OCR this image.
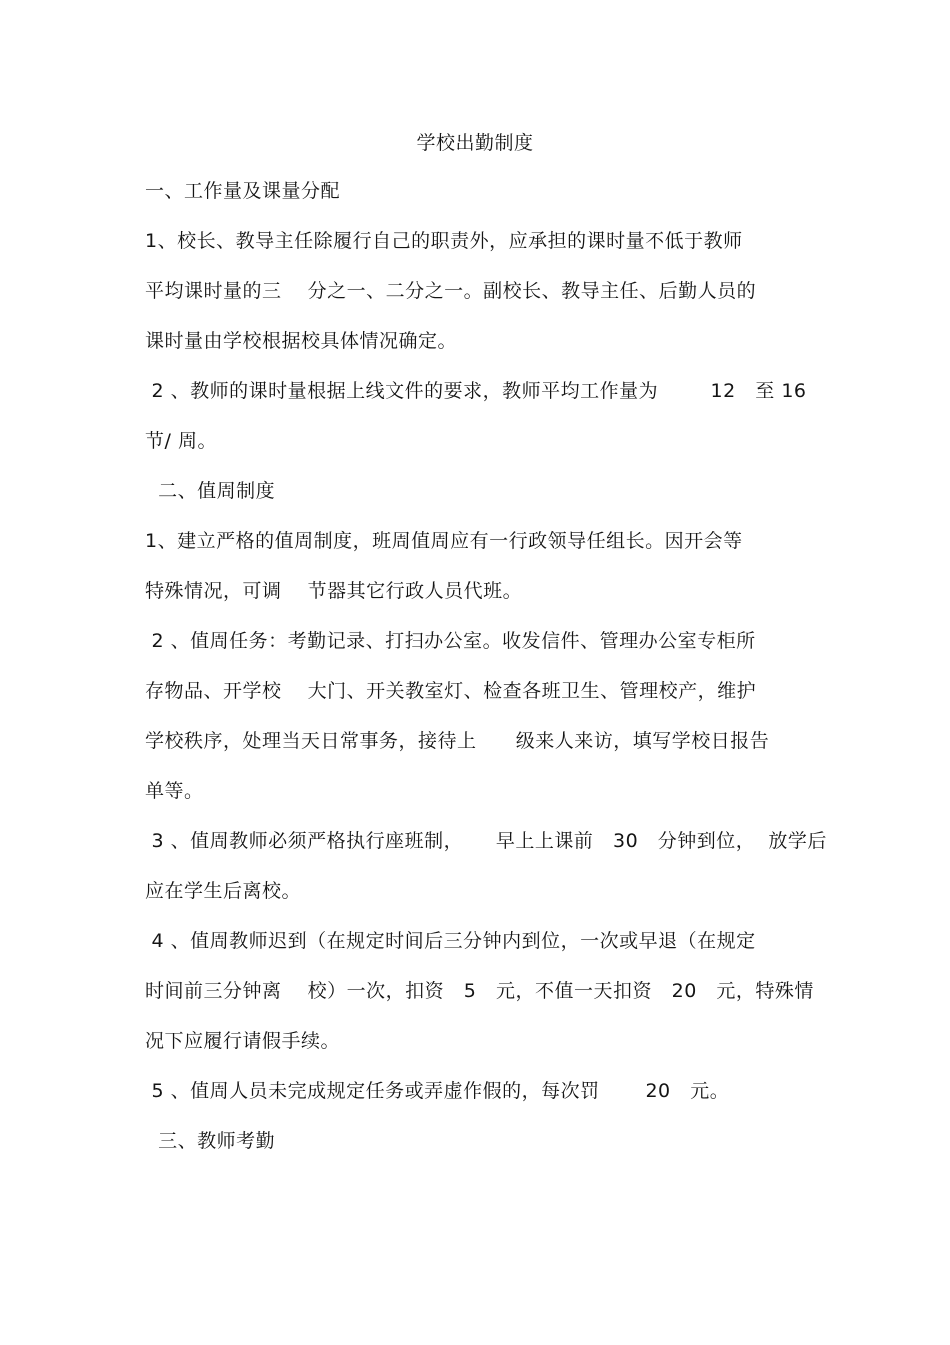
学校出勤制度
一、工作量及课量分配
1、校长、教导主任除履行自己的职责外，应承担的课时量不低于教师
平均课时量的三    分之一、二分之一。副校长、教导主任、后勤人员的
课时量由学校根据校具体情况确定。
2 、教师的课时量根据上线文件的要求，教师平均工作量为        12   至 16
节/ 周。
二、值周制度
1、建立严格的值周制度，班周值周应有一行政领导任组长。因开会等
特殊情况，可调    节器其它行政人员代班。
2 、值周任务：考勤记录、打扫办公室。收发信件、管理办公室专柜所
存物品、开学校    大门、开关教室灯、检查各班卫生、管理校产，维护
学校秩序，处理当天日常事务，接待上      级来人来访，填写学校日报告
单等。
3 、值周教师必须严格执行座班制，     早上上课前   30   分钟到位，  放学后
应在学生后离校。
4 、值周教师迟到（在规定时间后三分钟内到位，一次或早退（在规定
时间前三分钟离    校）一次，扣资   5   元，不值一天扣资   20   元，特殊情
况下应履行请假手续。
5 、值周人员未完成规定任务或弄虚作假的，每次罚       20   元。
三、教师考勤
